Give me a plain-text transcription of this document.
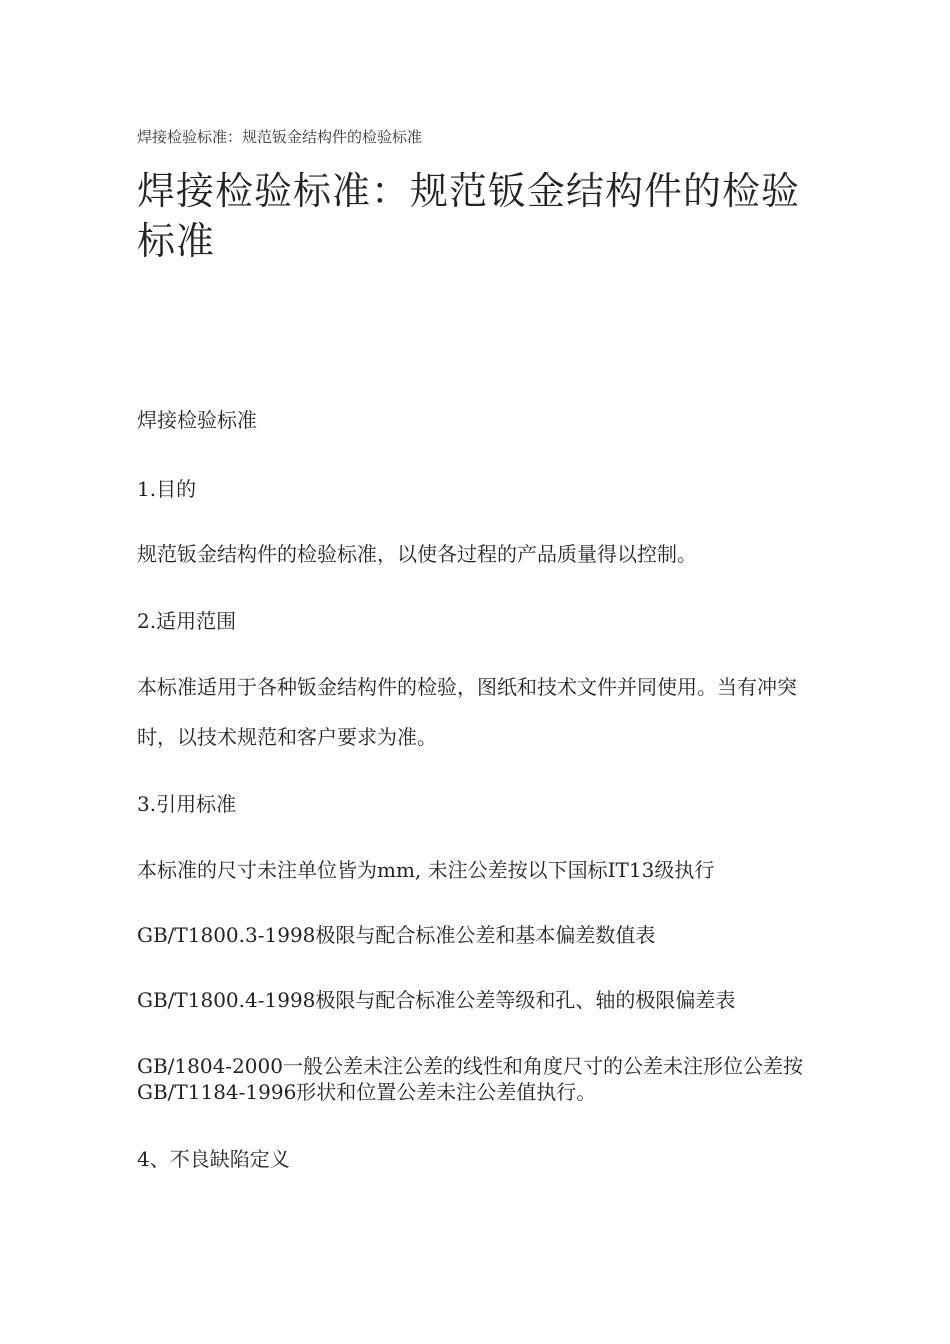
焊接检验标准：规范钣金结构件的检验标准
焊接检验标准：规范钣金结构件的检验标准

焊接检验标准

1.目的

规范钣金结构件的检验标准，以使各过程的产品质量得以控制。

2.适用范围

本标准适用于各种钣金结构件的检验，图纸和技术文件并同使用。当有冲突时，以技术规范和客户要求为准。

3.引用标准

本标准的尺寸未注单位皆为mm, 未注公差按以下国标IT13级执行

GB/T1800.3-1998极限与配合标准公差和基本偏差数值表

GB/T1800.4-1998极限与配合标准公差等级和孔、轴的极限偏差表

GB/1804-2000一般公差未注公差的线性和角度尺寸的公差未注形位公差按GB/T1184-1996形状和位置公差未注公差值执行。

4、不良缺陷定义
